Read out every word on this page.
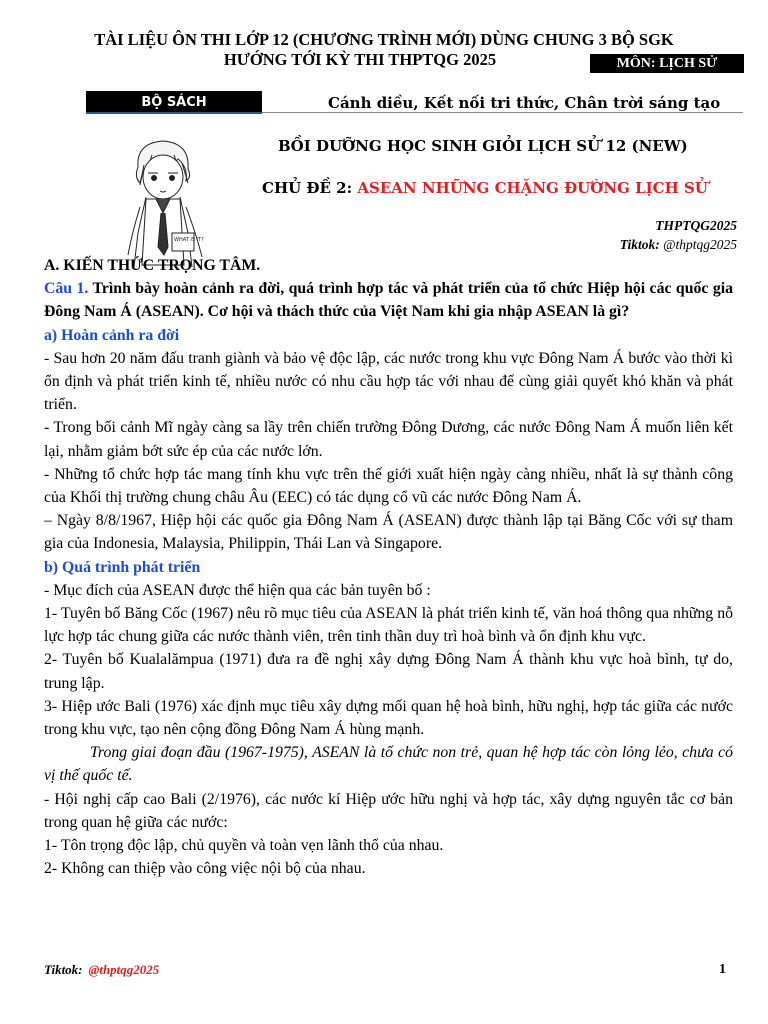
TÀI LIỆU ÔN THI LỚP 12 (CHƯƠNG TRÌNH MỚI) DÙNG CHUNG 3 BỘ SGK
HƯỚNG TỚI KỲ THI THPTQG 2025	MÔN: LỊCH SỬ
BỘ SÁCH	Cánh diều, Kết nối tri thức, Chân trời sáng tạo
WHAT IS IT?
BỒI DƯỠNG HỌC SINH GIỎI LỊCH SỬ 12 (NEW)
CHỦ ĐỀ 2: ASEAN NHỮNG CHẶNG ĐƯỜNG LỊCH SỬ
THPTQG2025
Tiktok: @thptqg2025

A. KIẾN THỨC TRỌNG TÂM.

Câu 1. Trình bày hoàn cảnh ra đời, quá trình hợp tác và phát triển của tổ chức Hiệp hội các quốc gia Đông Nam Á (ASEAN). Cơ hội và thách thức của Việt Nam khi gia nhập ASEAN là gì?

a) Hoàn cảnh ra đời

- Sau hơn 20 năm đấu tranh giành và bảo vệ độc lập, các nước trong khu vực Đông Nam Á bước vào thời kì ổn định và phát triển kinh tế, nhiều nước có nhu cầu hợp tác với nhau để cùng giải quyết khó khăn và phát triển.

- Trong bối cảnh Mĩ ngày càng sa lầy trên chiến trường Đông Dương, các nước Đông Nam Á muốn liên kết lại, nhằm giảm bớt sức ép của các nước lớn.

- Những tổ chức hợp tác mang tính khu vực trên thế giới xuất hiện ngày càng nhiều, nhất là sự thành công của Khối thị trường chung châu Âu (EEC) có tác dụng cổ vũ các nước Đông Nam Á.

– Ngày 8/8/1967, Hiệp hội các quốc gia Đông Nam Á (ASEAN) được thành lập tại Băng Cốc với sự tham gia của Indonesia, Malaysia, Philippin, Thái Lan và Singapore.

b) Quá trình phát triển

- Mục đích của ASEAN được thể hiện qua các bản tuyên bố :

1- Tuyên bố Băng Cốc (1967) nêu rõ mục tiêu của ASEAN là phát triển kinh tế, văn hoá thông qua những nỗ lực hợp tác chung giữa các nước thành viên, trên tinh thần duy trì hoà bình và ổn định khu vực.

2- Tuyên bố Kualalămpua (1971) đưa ra đề nghị xây dựng Đông Nam Á thành khu vực hoà bình, tự do, trung lập.

3- Hiệp ước Bali (1976) xác định mục tiêu xây dựng mối quan hệ hoà bình, hữu nghị, hợp tác giữa các nước trong khu vực, tạo nên cộng đồng Đông Nam Á hùng mạnh.

Trong giai đoạn đầu (1967-1975), ASEAN là tổ chức non trẻ, quan hệ hợp tác còn lỏng lẻo, chưa có vị thế quốc tế.

- Hội nghị cấp cao Bali (2/1976), các nước kí Hiệp ước hữu nghị và hợp tác, xây dựng nguyên tắc cơ bản trong quan hệ giữa các nước:

1- Tôn trọng độc lập, chủ quyền và toàn vẹn lãnh thổ của nhau.

2- Không can thiệp vào công việc nội bộ của nhau.

Tiktok: @thptqg2025	1
